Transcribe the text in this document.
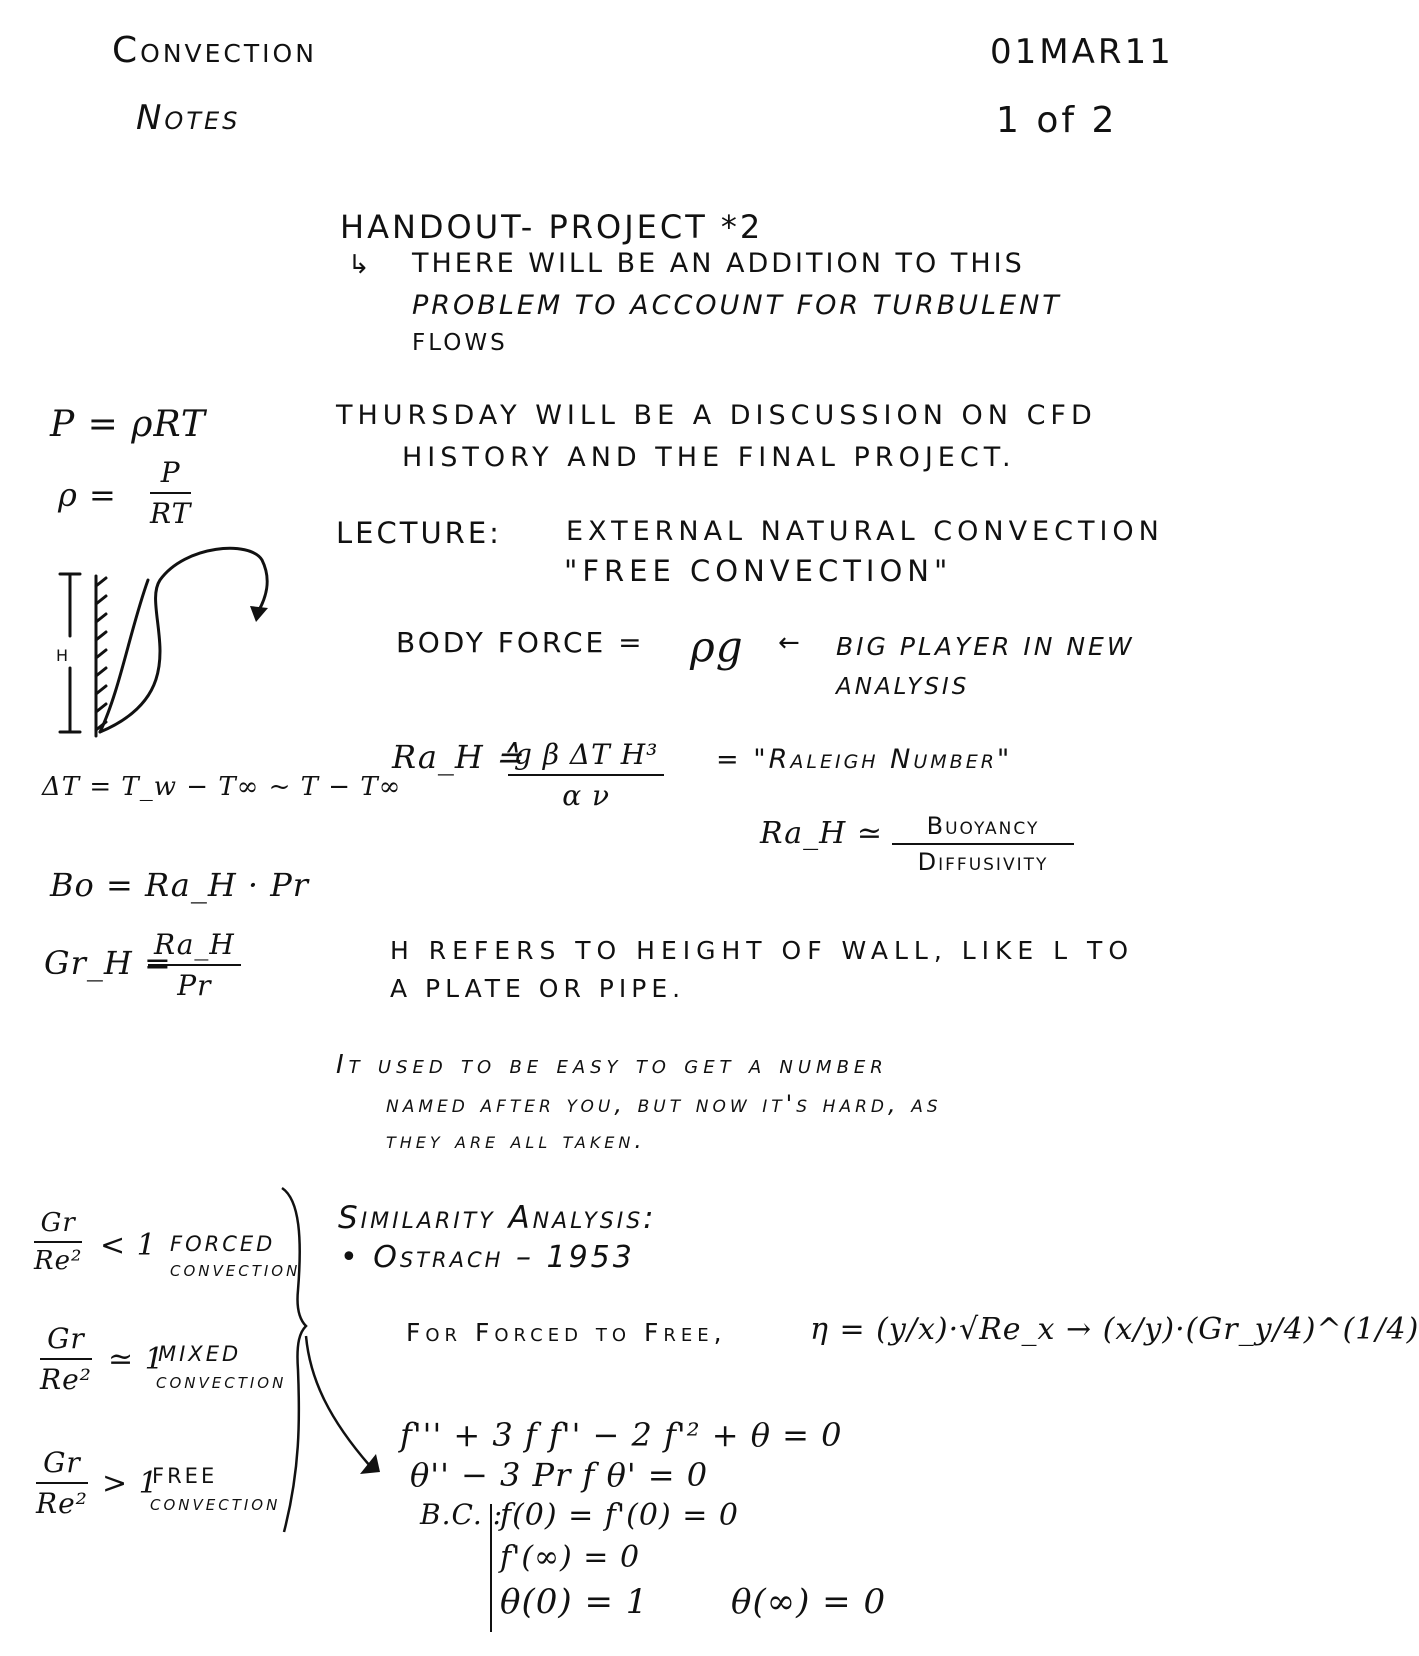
Convection
Notes
01MAR11
1 of 2
HANDOUT- PROJECT *2
↳ THERE WILL BE AN ADDITION TO THIS
PROBLEM TO ACCOUNT FOR TURBULENT
FLOWS
THURSDAY WILL BE A DISCUSSION ON CFD
HISTORY AND THE FINAL PROJECT.
LECTURE: EXTERNAL NATURAL CONVECTION
"FREE CONVECTION"
BODY FORCE = ρg ← BIG PLAYER IN NEW
ANALYSIS
Ra_H ≙
$\frac{\text{g β ΔT H³}}{\text{α ν}}$ = "Raleigh Number"
Ra_H ≃	Buoyancy
Diffusivity
H REFERS TO HEIGHT OF WALL, LIKE L TO
A PLATE OR PIPE.
It used to be easy to get a number
named after you, but now it's hard, as
they are all taken.
Similarity Analysis:
• Ostrach – 1953
For Forced to Free,	η = (y/x)·√Re_x → (x/y)·(Gr_y/4)^(1/4)
f''' + 3 f f'' − 2 f'² + θ = 0
θ'' − 3 Pr f θ' = 0
B.C. :
f(0) = f'(0) = 0
f'(∞) = 0
θ(0) = 1       θ(∞) = 0
P = ρRT
$\rho = \frac{P}{RT}$
H
ΔT = T_w − T∞ ~ T − T∞
Bo = Ra_H · Pr
Gr_H =
$\frac{Ra\_H}{Pr}$
$\frac{Gr}{\text{Re²}} < 1$ FORCED
CONVECTION
$\frac{Gr}{\text{Re²}}$ ≃ 1
MIXED
CONVECTION
$\frac{Gr}{\text{Re²}} > 1$
FREE
CONVECTION
